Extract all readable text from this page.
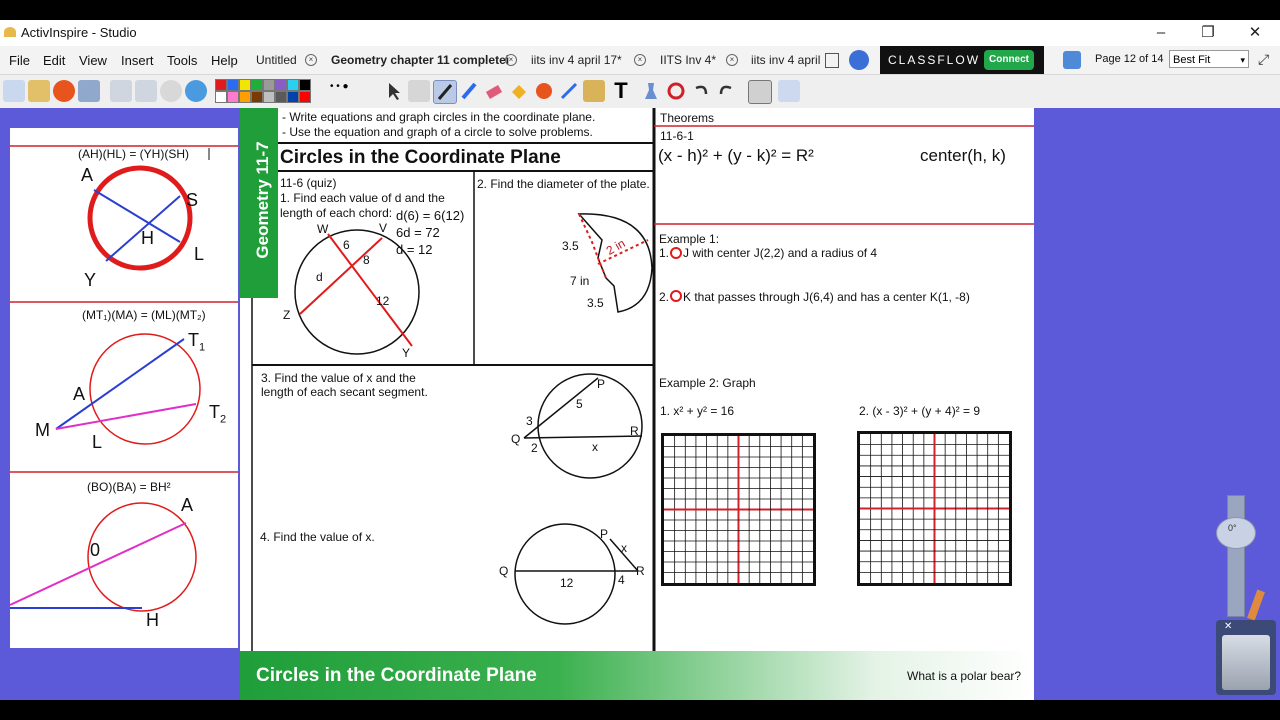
ActivInspire - Studio	–	❐	✕
File Edit View Insert Tools Help Untitled	×	Geometry chapter 11 completei ×	iits inv 4 april 17*	×	IITS Inv 4*	×	iits inv 4 april	⤢
CLASSFLOW Connect	Page 12 of 14 Best Fit	▾
• • ●	T
(AH)(HL) = (YH)(SH)
A
S
H
L
Y
(MT₁)(MA) = (ML)(MT₂)
$T_1$
A
$T_2$
M
L
(BO)(BA) = BH²
A
0
H
Geometry 11-7
- Write equations and graph circles in the coordinate plane.
- Use the equation and graph of a circle to solve problems.
Circles in the Coordinate Plane
11-6 (quiz)
1. Find each value of d and the
length of each chord: d(6) = 6(12)
6d = 72
d = 12
W	V
6
8
d
12
Z
Y
2. Find the diameter of the plate.
3.5 2 in
7 in
3.5
3. Find the value of x and the
length of each secant segment.
P
5
3
Q
2	x
R
4. Find the value of x.	P
x
Q
12	4
R
Theorems
11-6-1
(x - h)² + (y - k)² = R²	center(h, k)
Example 1:
1. J with center J(2,2) and a radius of 4
2. K that passes through J(6,4) and has a center K(1, -8)
Example 2: Graph
1. x² + y² = 16	2. (x - 3)² + (y + 4)² = 9
Circles in the Coordinate Plane	What is a polar bear?
0°
✕
